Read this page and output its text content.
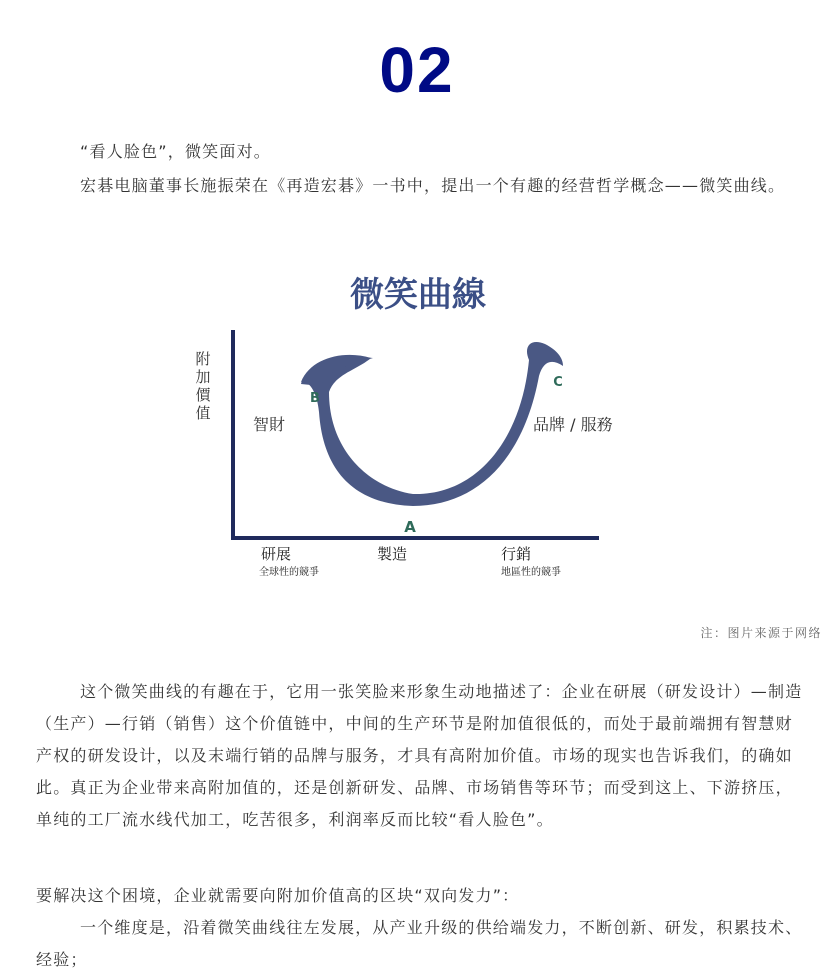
02

“看人脸色”，微笑面对。

宏碁电脑董事长施振荣在《再造宏碁》一书中，提出一个有趣的经营哲学概念——微笑曲线。

微笑曲線
附
加
價
值
智財	品牌 / 服務
B
C
A
研展
全球性的競爭
製造	行銷
地區性的競爭
注：图片来源于网络

这个微笑曲线的有趣在于，它用一张笑脸来形象生动地描述了：企业在研展（研发设计）—制造（生产）—行销（销售）这个价值链中，中间的生产环节是附加值很低的，而处于最前端拥有智慧财产权的研发设计，以及末端行销的品牌与服务，才具有高附加价值。市场的现实也告诉我们，的确如此。真正为企业带来高附加值的，还是创新研发、品牌、市场销售等环节；而受到这上、下游挤压，单纯的工厂流水线代加工，吃苦很多，利润率反而比较“看人脸色”。

要解决这个困境，企业就需要向附加价值高的区块“双向发力”：

一个维度是，沿着微笑曲线往左发展，从产业升级的供给端发力，不断创新、研发，积累技术、经验；
